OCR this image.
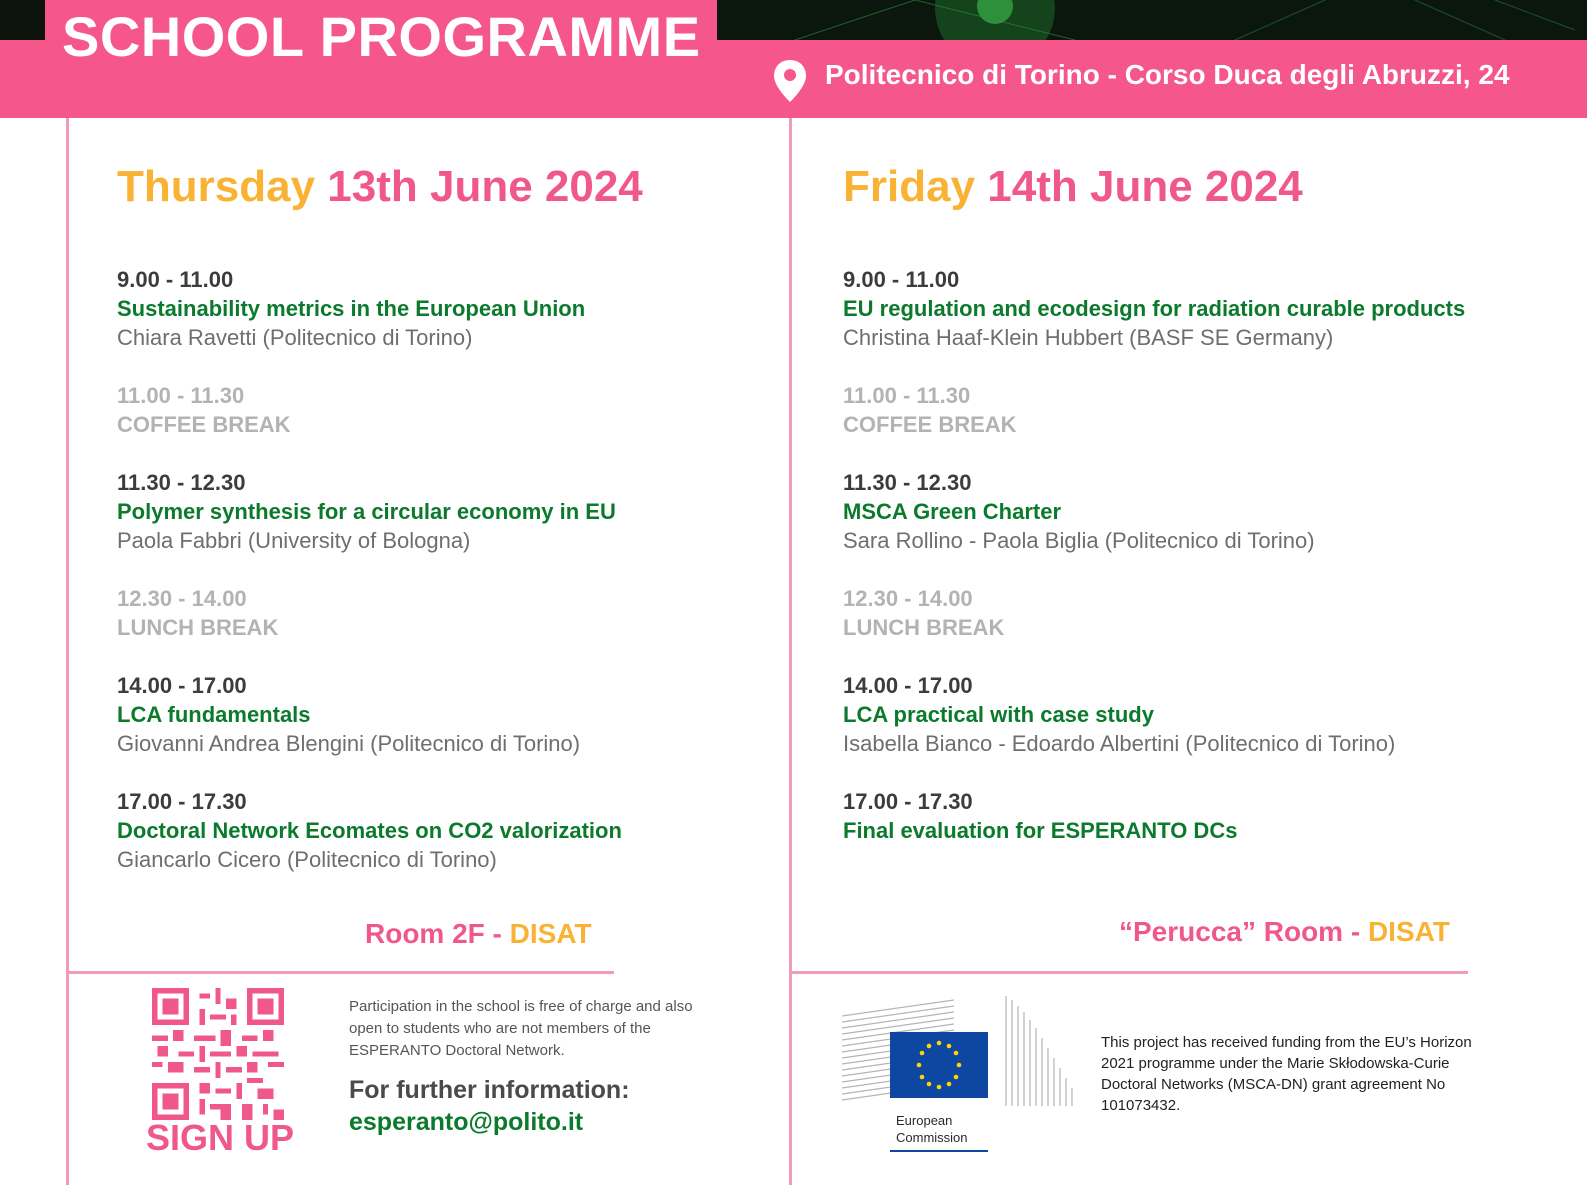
SCHOOL PROGRAMME
Politecnico di Torino - Corso Duca degli Abruzzi, 24
Thursday 13th June 2024
9.00 - 11.00
Sustainability metrics in the European Union
Chiara Ravetti (Politecnico di Torino)
11.00 - 11.30
COFFEE BREAK
11.30 - 12.30
Polymer synthesis for a circular economy in EU
Paola Fabbri (University of Bologna)
12.30 - 14.00
LUNCH BREAK
14.00 - 17.00
LCA fundamentals
Giovanni Andrea Blengini (Politecnico di Torino)
17.00 - 17.30
Doctoral Network Ecomates on CO2 valorization
Giancarlo Cicero (Politecnico di Torino)
Room 2F - DISAT
Friday 14th June 2024
9.00 - 11.00
EU regulation and ecodesign for radiation curable products
Christina Haaf-Klein Hubbert (BASF SE Germany)
11.00 - 11.30
COFFEE BREAK
11.30 - 12.30
MSCA Green Charter
Sara Rollino - Paola Biglia (Politecnico di Torino)
12.30 - 14.00
LUNCH BREAK
14.00 - 17.00
LCA practical with case study
Isabella Bianco - Edoardo Albertini (Politecnico di Torino)
17.00 - 17.30
Final evaluation for ESPERANTO DCs
“Perucca” Room - DISAT
SIGN UP
Participation in the school is free of charge and also open to students who are not members of the ESPERANTO Doctoral Network.
For further information:
esperanto@polito.it	European
Commission
This project has received funding from the EU’s Horizon 2021 programme under the Marie Skłodowska-Curie Doctoral Networks (MSCA-DN) grant agreement No 101073432.
